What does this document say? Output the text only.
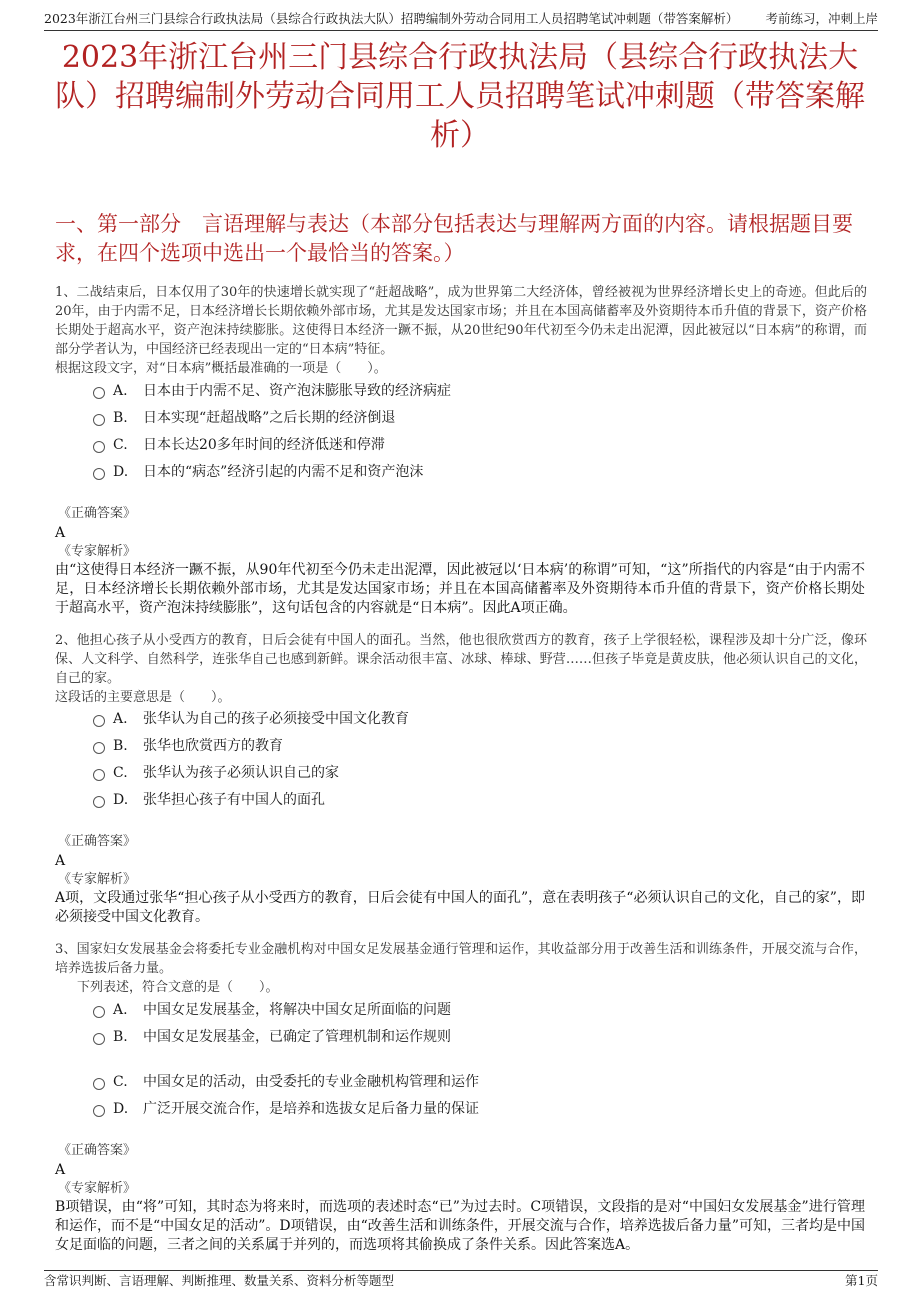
2023年浙江台州三门县综合行政执法局（县综合行政执法大队）招聘编制外劳动合同用工人员招聘笔试冲刺题（带答案解析） 考前练习，冲刺上岸
2023年浙江台州三门县综合行政执法局（县综合行政执法大队）招聘编制外劳动合同用工人员招聘笔试冲刺题（带答案解析）
一、第一部分　言语理解与表达（本部分包括表达与理解两方面的内容。请根据题目要求，在四个选项中选出一个最恰当的答案。）

1、二战结束后，日本仅用了30年的快速增长就实现了“赶超战略”，成为世界第二大经济体，曾经被视为世界经济增长史上的奇迹。但此后的20年，由于内需不足，日本经济增长长期依赖外部市场，尤其是发达国家市场；并且在本国高储蓄率及外资期待本币升值的背景下，资产价格长期处于超高水平，资产泡沫持续膨胀。这使得日本经济一蹶不振，从20世纪90年代初至今仍未走出泥潭，因此被冠以“日本病”的称谓，而部分学者认为，中国经济已经表现出一定的“日本病”特征。

根据这段文字，对“日本病”概括最准确的一项是（　　）。

A. 日本由于内需不足、资产泡沫膨胀导致的经济病症
B. 日本实现“赶超战略”之后长期的经济倒退
C. 日本长达20多年时间的经济低迷和停滞
D. 日本的“病态”经济引起的内需不足和资产泡沫
《正确答案》
A
《专家解析》
由“这使得日本经济一蹶不振，从90年代初至今仍未走出泥潭，因此被冠以‘日本病’的称谓”可知，“这”所指代的内容是“由于内需不足，日本经济增长长期依赖外部市场，尤其是发达国家市场；并且在本国高储蓄率及外资期待本币升值的背景下，资产价格长期处于超高水平，资产泡沫持续膨胀”，这句话包含的内容就是“日本病”。因此A项正确。

2、他担心孩子从小受西方的教育，日后会徒有中国人的面孔。当然，他也很欣赏西方的教育，孩子上学很轻松，课程涉及却十分广泛，像环保、人文科学、自然科学，连张华自己也感到新鲜。课余活动很丰富、冰球、棒球、野营……但孩子毕竟是黄皮肤，他必须认识自己的文化，自己的家。

这段话的主要意思是（　　）。

A. 张华认为自己的孩子必须接受中国文化教育
B. 张华也欣赏西方的教育
C. 张华认为孩子必须认识自己的家
D. 张华担心孩子有中国人的面孔
《正确答案》
A
《专家解析》
A项，文段通过张华“担心孩子从小受西方的教育，日后会徒有中国人的面孔”，意在表明孩子“必须认识自己的文化，自己的家”，即必须接受中国文化教育。

3、国家妇女发展基金会将委托专业金融机构对中国女足发展基金通行管理和运作，其收益部分用于改善生活和训练条件，开展交流与合作，培养选拔后备力量。

下列表述，符合文意的是（　　）。

A. 中国女足发展基金，将解决中国女足所面临的问题
B. 中国女足发展基金，已确定了管理机制和运作规则
C. 中国女足的活动，由受委托的专业金融机构管理和运作
D. 广泛开展交流合作，是培养和选拔女足后备力量的保证
《正确答案》
A
《专家解析》
B项错误，由“将”可知，其时态为将来时，而选项的表述时态“已”为过去时。C项错误，文段指的是对“中国妇女发展基金”进行管理和运作，而不是“中国女足的活动”。D项错误，由“改善生活和训练条件，开展交流与合作，培养选拔后备力量”可知，三者均是中国女足面临的问题，三者之间的关系属于并列的，而选项将其偷换成了条件关系。因此答案选A。
含常识判断、言语理解、判断推理、数量关系、资料分析等题型	第1页
